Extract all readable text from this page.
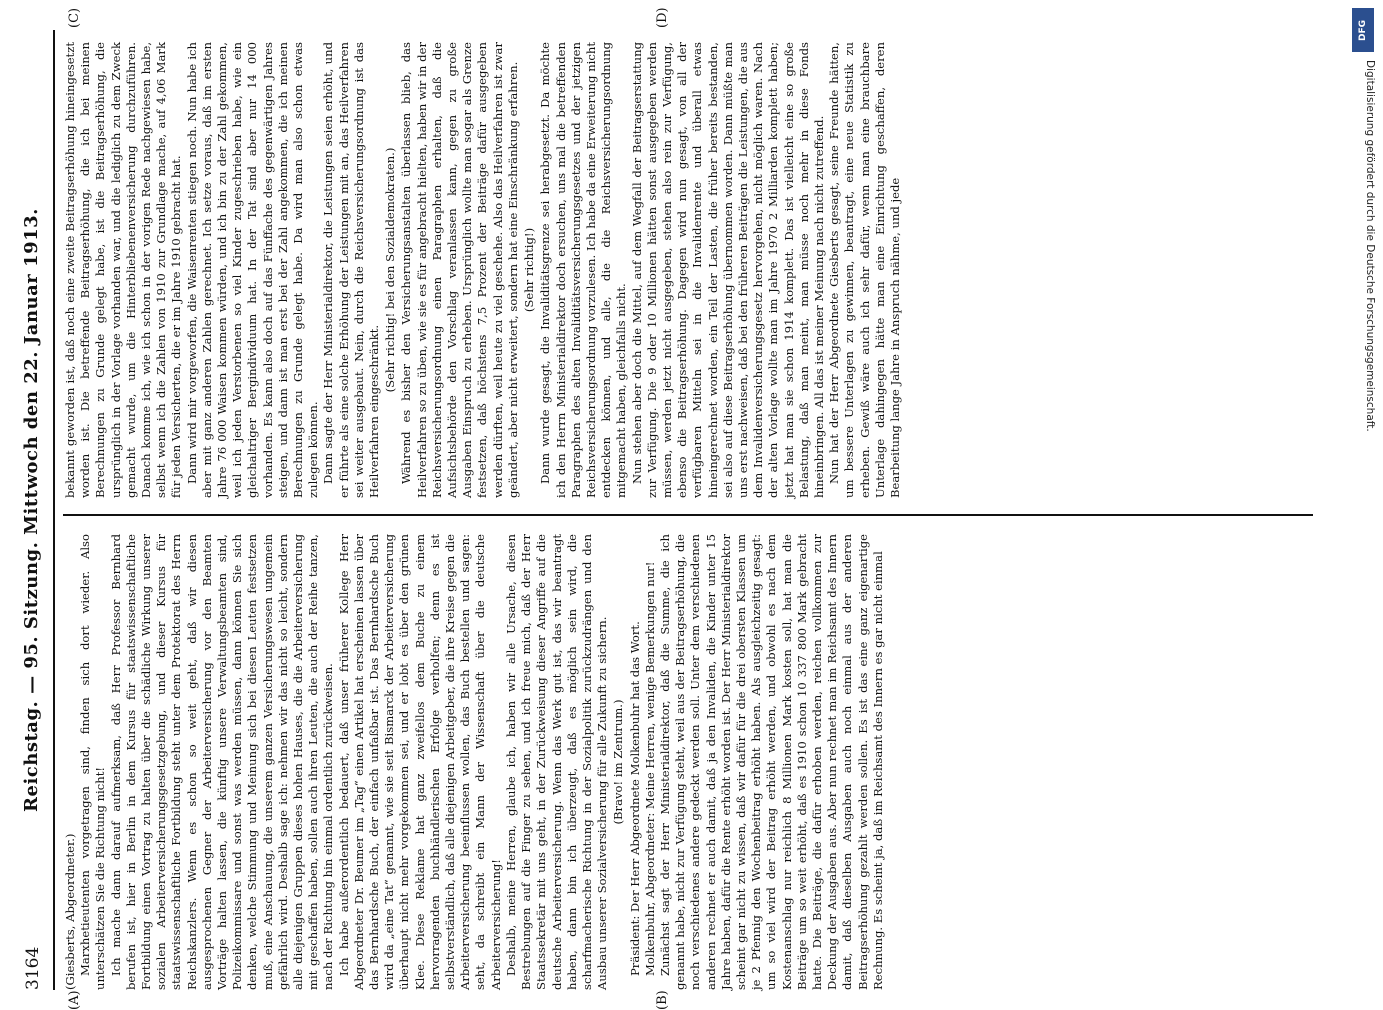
3164
Reichstag. — 95. Sitzung. Mittwoch den 22. Januar 1913.
(A)	(B)
(C)	(D)

(Giesberts, Abgeordneter.) Marxhetieutenten vorgetragen sind, finden sich dort wieder. Also unterschätzen Sie die Richtung nicht! Ich mache dann darauf aufmerksam, daß Herr Professor Bernhard berufen ist, hier in Berlin in dem Kursus für staatswissenschaftliche Fortbildung einen Vortrag zu halten über die schädliche Wirkung unserer sozialen Arbeiterversicherungsgesetzgebung, und dieser Kursus für staatswissenschaftliche Fortbildung steht unter dem Protektorat des Herrn Reichskanzlers. Wenn es schon so weit geht, daß wir diesen ausgesprochenen Gegner der Arbeiterversicherung vor den Beamten Vorträge halten lassen, die künftig unsere Verwaltungsbeamten sind, Polizeikommissare und sonst was werden müssen, dann können Sie sich denken, welche Stimmung und Meinung sich bei diesen Leuten festsetzen muß, eine Anschauung, die unserem ganzen Versicherungswesen ungemein gefährlich wird. Deshalb sage ich: nehmen wir das nicht so leicht, sondern alle diejenigen Gruppen dieses hohen Hauses, die die Arbeiterversicherung mit geschaffen haben, sollen auch ihren Leuten, die auch der Reihe tanzen, nach der Richtung hin einmal ordentlich zurückweisen. Ich habe außerordentlich bedauert, daß unser früherer Kollege Herr Abgeordneter Dr. Beumer im „Tag“ einen Artikel hat erscheinen lassen über das Bernhardsche Buch, der einfach unfaßbar ist. Das Bernhardsche Buch wird da „eine Tat“ genannt, wie sie seit Bismarck der Arbeiterversicherung überhaupt nicht mehr vorgekommen sei, und er lobt es über den grünen Klee. Diese Reklame hat ganz zweifellos dem Buche zu einem hervorragenden buchhändlerischen Erfolge verholfen; denn es ist selbstverständlich, daß alle diejenigen Arbeitgeber, die ihre Kreise gegen die Arbeiterversicherung beeinflussen wollen, das Buch bestellen und sagen: seht, da schreibt ein Mann der Wissenschaft über die deutsche Arbeiterversicherung! Deshalb, meine Herren, glaube ich, haben wir alle Ursache, diesen Bestrebungen auf die Finger zu sehen, und ich freue mich, daß der Herr Staatssekretär mit uns geht, in der Zurückweisung dieser Angriffe auf die deutsche Arbeiterversicherung. Wenn das Werk gut ist, das wir beantragt haben, dann bin ich überzeugt, daß es möglich sein wird, die scharfmacherische Richtung in der Sozialpolitik zurückzudrängen und den Ausbau unserer Sozialversicherung für alle Zukunft zu sichern. (Bravo! im Zentrum.) Präsident: Der Herr Abgeordnete Molkenbuhr hat das Wort. Molkenbuhr, Abgeordneter: Meine Herren, wenige Bemerkungen nur! Zunächst sagt der Herr Ministerialdirektor, daß die Summe, die ich genannt habe, nicht zur Verfügung steht, weil aus der Beitragserhöhung, die noch verschiedenes andere gedeckt werden soll. Unter dem verschiedenen anderen rechnet er auch damit, daß ja den Invaliden, die Kinder unter 15 Jahre haben, dafür die Rente erhöht worden ist. Der Herr Ministerialdirektor scheint gar nicht zu wissen, daß wir dafür für die drei obersten Klassen um je 2 Pfennig den Wochenbeitrag erhöht haben. Als ausgleichzeitig gesagt: um so viel wird der Beitrag erhöht werden, und obwohl es nach dem Kostenanschlag nur reichlich 8 Millionen Mark kosten soll, hat man die Beiträge um so weit erhöht, daß es 1910 schon 10 337 800 Mark gebracht hatte. Die Beiträge, die dafür erhoben werden, reichen vollkommen zur Deckung der Ausgaben aus. Aber nun rechnet man im Reichsamt des Innern damit, daß dieselben Ausgaben auch noch einmal aus der anderen Beitragserhöhung gezahlt werden sollen. Es ist das eine ganz eigenartige Rechnung. Es scheint ja, daß im Reichsamt des Innern es gar nicht einmal

bekannt geworden ist, daß noch eine zweite Beitragserhöhung hineingesetzt worden ist. Die betreffende Beitragserhöhung, die ich bei meinen Berechnungen zu Grunde gelegt habe, ist die Beitragserhöhung, die ursprünglich in der Vorlage vorhanden war, und die lediglich zu dem Zweck gemacht wurde, um die Hinterbliebenenversicherung durchzuführen. Danach komme ich, wie ich schon in der vorigen Rede nachgewiesen habe, selbst wenn ich die Zahlen von 1910 zur Grundlage mache, auf 4,06 Mark für jeden Versicherten, die er im Jahre 1910 gebracht hat. Dann wird mir vorgeworfen, die Waisenrenten stiegen noch. Nun habe ich aber mit ganz anderen Zahlen gerechnet. Ich setze voraus, daß im ersten Jahre 76 000 Waisen kommen würden, und ich bin zu der Zahl gekommen, weil ich jeden Verstorbenen so viel Kinder zugeschrieben habe, wie ein gleichaltriger Bergindividuum hat. In der Tat sind aber nur 14 000 vorhanden. Es kann also doch auf das Fünffache des gegenwärtigen Jahres steigen, und dann ist man erst bei der Zahl angekommen, die ich meinen Berechnungen zu Grunde gelegt habe. Da wird man also schon etwas zulegen können. Dann sagte der Herr Ministerialdirektor, die Leistungen seien erhöht, und er führte als eine solche Erhöhung der Leistungen mit an, das Heilverfahren sei weiter ausgebaut. Nein, durch die Reichsversicherungsordnung ist das Heilverfahren eingeschränkt.

(Sehr richtig! bei den Sozialdemokraten.) Während es bisher den Versicherungsanstalten überlassen blieb, das Heilverfahren so zu üben, wie sie es für angebracht hielten, haben wir in der Reichsversicherungsordnung einen Paragraphen erhalten, daß die Aufsichtsbehörde den Vorschlag veranlassen kann, gegen zu große Ausgaben Einspruch zu erheben. Ursprünglich wollte man sogar als Grenze festsetzen, daß höchstens 7,5 Prozent der Beiträge dafür ausgegeben werden dürften, weil heute zu viel geschehe. Also das Heilverfahren ist zwar geändert, aber nicht erweitert, sondern hat eine Einschränkung erfahren. (Sehr richtig!) Dann wurde gesagt, die Invaliditätsgrenze sei herabgesetzt. Da möchte ich den Herrn Ministerialdirektor doch ersuchen, uns mal die betreffenden Paragraphen des alten Invaliditätsversicherungsgesetzes und der jetzigen Reichsversicherungsordnung vorzulesen. Ich habe da eine Erweiterung nicht entdecken können, und alle, die die Reichsversicherungsordnung mitgemacht haben, gleichfalls nicht. Nun stehen aber doch die Mittel, auf dem Wegfall der Beitragserstattung zur Verfügung. Die 9 oder 10 Millionen hätten sonst ausgegeben werden müssen, werden jetzt nicht ausgegeben, stehen also rein zur Verfügung, ebenso die Beitragserhöhung. Dagegen wird nun gesagt, von all der verfügbaren Mitteln sei in die Invalidenrente und überall etwas hineingerechnet worden, ein Teil der Lasten, die früher bereits bestanden, sei also auf diese Beitragserhöhung übernommen worden. Dann müßte man uns erst nachweisen, daß bei den früheren Beiträgen die Leistungen, die aus dem Invalidenversicherungsgesetz hervorgehen, nicht möglich waren. Nach der alten Vorlage wollte man im Jahre 1970 2 Milliarden komplett haben; jetzt hat man sie schon 1914 komplett. Das ist vielleicht eine so große Belastung, daß man meint, man müsse noch mehr in diese Fonds hineinbringen. All das ist meiner Meinung nach nicht zutreffend. Nun hat der Herr Abgeordnete Giesberts gesagt, seine Freunde hätten, um bessere Unterlagen zu gewinnen, beantragt, eine neue Statistik zu erheben. Gewiß wäre auch ich sehr dafür, wenn man eine brauchbare Unterlage dahingegen hätte man eine Einrichtung geschaffen, deren Bearbeitung lange Jahre in Anspruch nähme, und jede

DFG
Digitalisierung gefördert durch die Deutsche Forschungsgemeinschaft.
